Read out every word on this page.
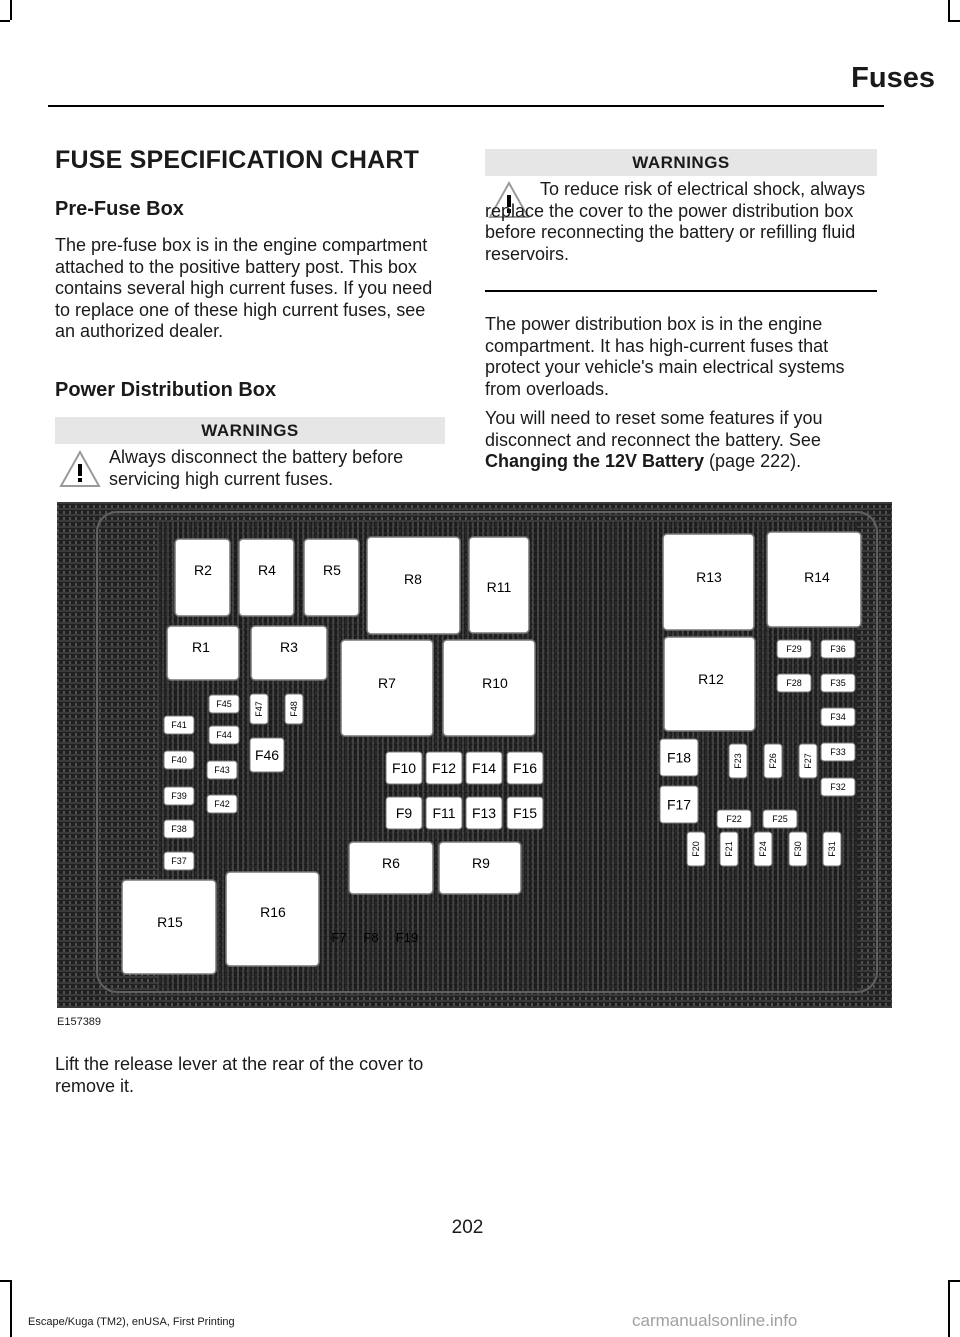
Fuses
FUSE SPECIFICATION CHART
Pre-Fuse Box

The pre-fuse box is in the engine compartment attached to the positive battery post. This box contains several high current fuses. If you need to replace one of these high current fuses, see an authorized dealer.

Power Distribution Box
WARNINGS

Always disconnect the battery before servicing high current fuses.

WARNINGS

To reduce risk of electrical shock, always replace the cover to the power distribution box before reconnecting the battery or refilling fluid reservoirs.

The power distribution box is in the engine compartment. It has high-current fuses that protect your vehicle's main electrical systems from overloads.

You will need to reset some features if you disconnect and reconnect the battery. See Changing the 12V Battery (page 222).

R1
R2
R3
R4	R5
R6
R7
R8
R9
R10
R11
R12
R13	R14
R15
R16
F7 F8
F9
F10
F11
F12
F13
F14
F15
F16
F17
F18
F19
F20	F21
F22
F23
F24
F25
F26	F27
F28
F29
F30	F31
F32
F33
F34
F35
F36
F37
F38
F39
F40
F41
F42
F43
F44
F45
F46
F47	F48
E157389

Lift the release lever at the rear of the cover to remove it.

202
Escape/Kuga (TM2), enUSA, First Printing	carmanualsonline.info
